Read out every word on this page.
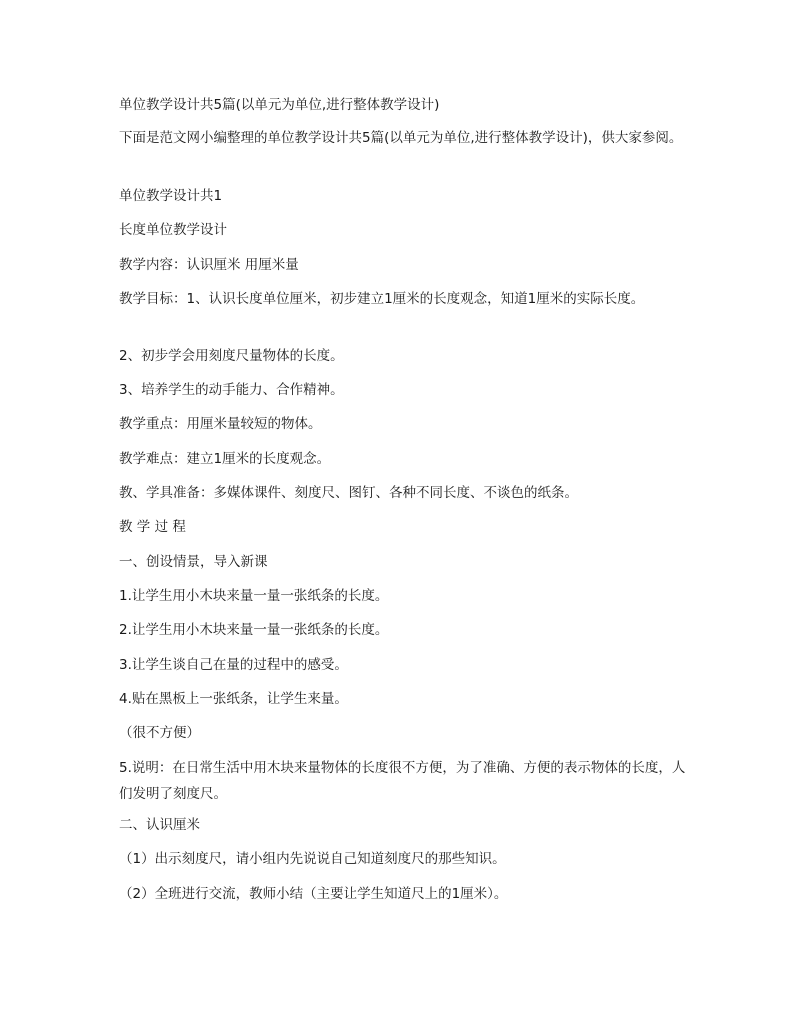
单位教学设计共5篇(以单元为单位,进行整体教学设计)

下面是范文网小编整理的单位教学设计共5篇(以单元为单位,进行整体教学设计)，供大家参阅。

单位教学设计共1

长度单位教学设计

教学内容：认识厘米 用厘米量

教学目标：1、认识长度单位厘米，初步建立1厘米的长度观念，知道1厘米的实际长度。

2、初步学会用刻度尺量物体的长度。

3、培养学生的动手能力、合作精神。

教学重点：用厘米量较短的物体。

教学难点：建立1厘米的长度观念。

教、学具准备：多媒体课件、刻度尺、图钉、各种不同长度、不谈色的纸条。

教 学 过 程

一、创设情景，导入新课

1.让学生用小木块来量一量一张纸条的长度。

2.让学生用小木块来量一量一张纸条的长度。

3.让学生谈自己在量的过程中的感受。

4.贴在黑板上一张纸条，让学生来量。

（很不方便）

5.说明：在日常生活中用木块来量物体的长度很不方便，为了准确、方便的表示物体的长度，人们发明了刻度尺。

二、认识厘米

（1）出示刻度尺，请小组内先说说自己知道刻度尺的那些知识。

（2）全班进行交流，教师小结（主要让学生知道尺上的1厘米）。
